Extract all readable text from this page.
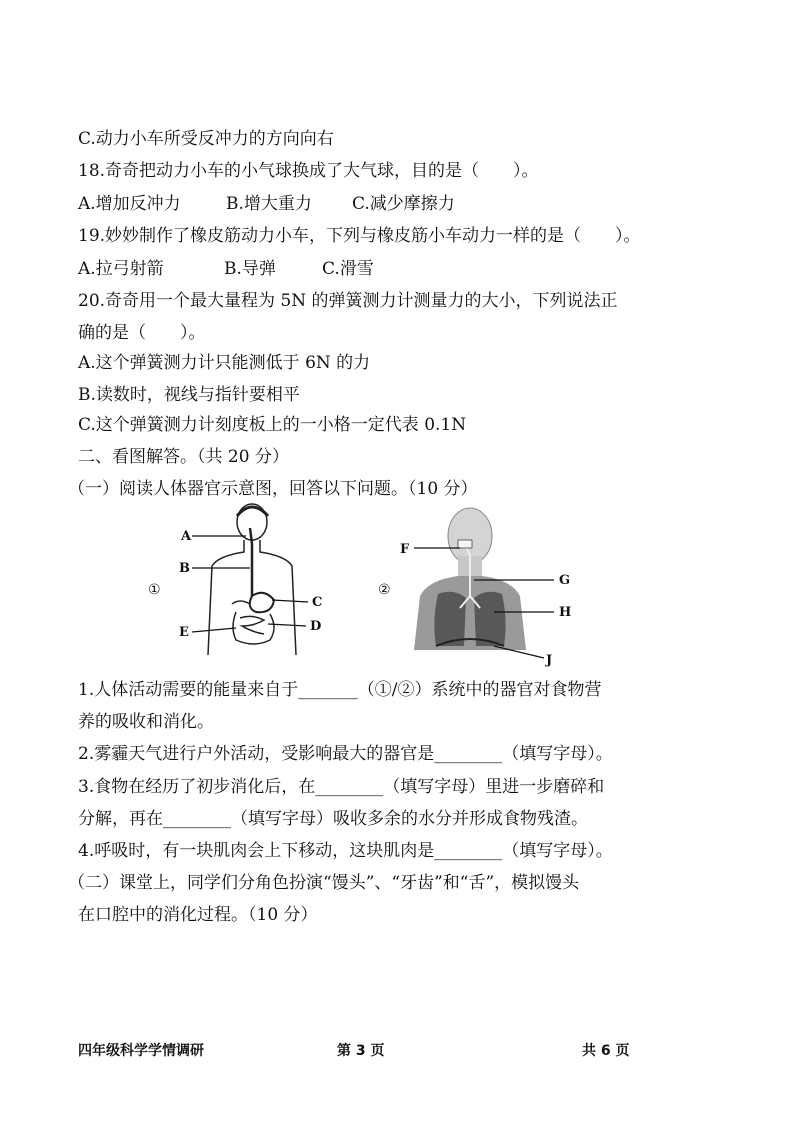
C.动力小车所受反冲力的方向向右
18.奇奇把动力小车的小气球换成了大气球，目的是（　　）。
A.增加反冲力	B.增大重力 C.减少摩擦力
19.妙妙制作了橡皮筋动力小车，下列与橡皮筋小车动力一样的是（　　）。
A.拉弓射箭	B.导弹	C.滑雪
20.奇奇用一个最大量程为 5N 的弹簧测力计测量力的大小，下列说法正
确的是（　　）。
A.这个弹簧测力计只能测低于 6N 的力
B.读数时，视线与指针要相平
C.这个弹簧测力计刻度板上的一小格一定代表 0.1N
二、看图解答。（共 20 分）
（一）阅读人体器官示意图，回答以下问题。（10 分）
①
A
B
C
D
E
②
F
G
H
J
1.人体活动需要的能量来自于_______（①/②）系统中的器官对食物营
养的吸收和消化。
2.雾霾天气进行户外活动，受影响最大的器官是________（填写字母）。
3.食物在经历了初步消化后，在________（填写字母）里进一步磨碎和
分解，再在________（填写字母）吸收多余的水分并形成食物残渣。
4.呼吸时，有一块肌肉会上下移动，这块肌肉是________（填写字母）。
（二）课堂上，同学们分角色扮演“馒头”、“牙齿”和“舌”，模拟馒头
在口腔中的消化过程。（10 分）
四年级科学学情调研	第 3 页	共 6 页
